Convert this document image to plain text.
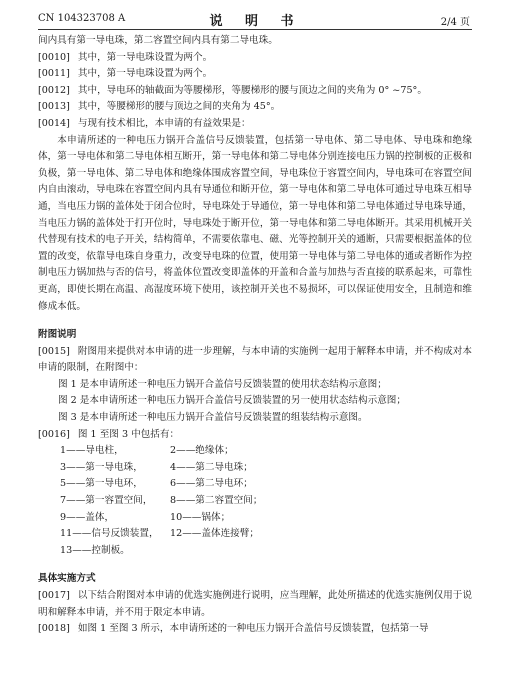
CN 104323708 A	说 明 书	2/4 页

间内具有第一导电珠，第二容置空间内具有第二导电珠。

[0010] 其中，第一导电珠设置为两个。

[0011] 其中，第一导电珠设置为两个。

[0012] 其中，导电环的轴截面为等腰梯形，等腰梯形的腰与顶边之间的夹角为 0° ~75°。

[0013] 其中，等腰梯形的腰与顶边之间的夹角为 45°。

[0014] 与现有技术相比，本申请的有益效果是：

本申请所述的一种电压力锅开合盖信号反馈装置，包括第一导电体、第二导电体、导电珠和绝缘体，第一导电体和第二导电体相互断开，第一导电体和第二导电体分别连接电压力锅的控制板的正极和负极，第一导电体、第二导电体和绝缘体围成容置空间，导电珠位于容置空间内，导电珠可在容置空间内自由滚动，导电珠在容置空间内具有导通位和断开位，第一导电体和第二导电体可通过导电珠互相导通，当电压力锅的盖体处于闭合位时，导电珠处于导通位，第一导电体和第二导电体通过导电珠导通，当电压力锅的盖体处于打开位时，导电珠处于断开位，第一导电体和第二导电体断开。其采用机械开关代替现有技术的电子开关，结构简单，不需要依靠电、磁、光等控制开关的通断，只需要根据盖体的位置的改变，依靠导电珠自身重力，改变导电珠的位置，使用第一导电体与第二导电体的通或者断作为控制电压力锅加热与否的信号，将盖体位置改变即盖体的开盖和合盖与加热与否直接的联系起来，可靠性更高，即使长期在高温、高湿度环境下使用，该控制开关也不易损坏，可以保证使用安全，且制造和维修成本低。

附图说明

[0015] 附图用来提供对本申请的进一步理解，与本申请的实施例一起用于解释本申请，并不构成对本申请的限制，在附图中：

图 1 是本申请所述一种电压力锅开合盖信号反馈装置的使用状态结构示意图；

图 2 是本申请所述一种电压力锅开合盖信号反馈装置的另一使用状态结构示意图；

图 3 是本申请所述一种电压力锅开合盖信号反馈装置的组装结构示意图。

[0016] 图 1 至图 3 中包括有：

1——导电柱，	2——绝缘体；
3——第一导电珠，	4——第二导电珠；
5——第一导电环，	6——第二导电环；
7——第一容置空间，	8——第二容置空间；
9——盖体，	10——锅体；
11——信号反馈装置，	12——盖体连接臂；
13——控制板。

具体实施方式

[0017] 以下结合附图对本申请的优选实施例进行说明，应当理解，此处所描述的优选实施例仅用于说明和解释本申请，并不用于限定本申请。

[0018] 如图 1 至图 3 所示，本申请所述的一种电压力锅开合盖信号反馈装置，包括第一导
